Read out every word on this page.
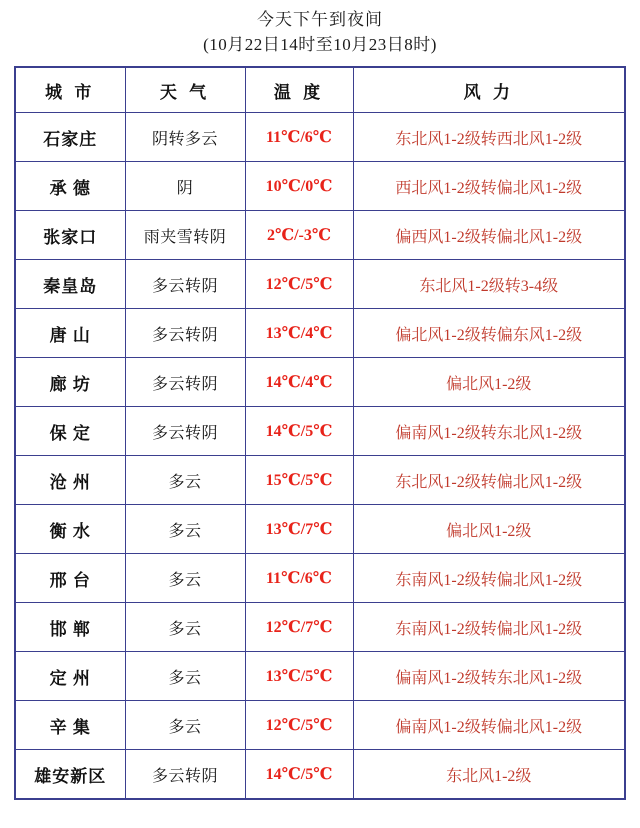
今天下午到夜间
(10月22日14时至10月23日8时)
城 市	天 气	温 度	风 力
石家庄	阴转多云	11℃/6℃	东北风1-2级转西北风1-2级
承 德	阴	10℃/0℃	西北风1-2级转偏北风1-2级
张家口	雨夹雪转阴	2℃/-3℃	偏西风1-2级转偏北风1-2级
秦皇岛	多云转阴	12℃/5℃	东北风1-2级转3-4级
唐 山	多云转阴	13℃/4℃	偏北风1-2级转偏东风1-2级
廊 坊	多云转阴	14℃/4℃	偏北风1-2级
保 定	多云转阴	14℃/5℃	偏南风1-2级转东北风1-2级
沧 州	多云	15℃/5℃	东北风1-2级转偏北风1-2级
衡 水	多云	13℃/7℃	偏北风1-2级
邢 台	多云	11℃/6℃	东南风1-2级转偏北风1-2级
邯 郸	多云	12℃/7℃	东南风1-2级转偏北风1-2级
定 州	多云	13℃/5℃	偏南风1-2级转东北风1-2级
辛 集	多云	12℃/5℃	偏南风1-2级转偏北风1-2级
雄安新区	多云转阴	14℃/5℃	东北风1-2级
